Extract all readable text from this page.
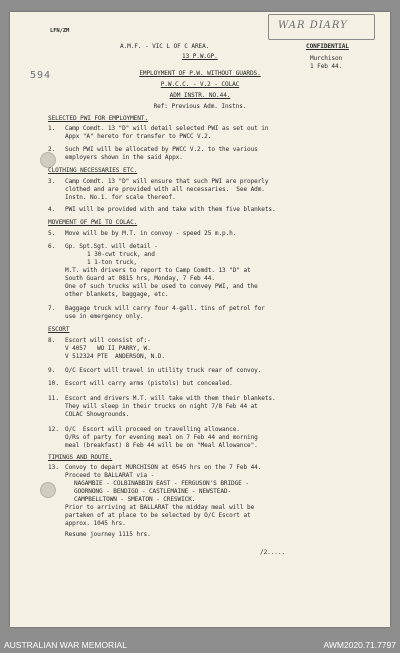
WAR DIARY
LFN/ZM
594
A.M.F. - VIC L OF C AREA.	CONFIDENTIAL
13 P.W.GP.	Murchison
1 Feb 44.
EMPLOYMENT OF P.W. WITHOUT GUARDS.
P.W.C.C. - V.2 - COLAC
ADM INSTR. NO.44.
Ref: Previous Adm. Instns.
SELECTED PWI FOR EMPLOYMENT.
1. Camp Comdt. 13 "D" will detail selected PWI as set out in
Appx "A" hereto for transfer to PWCC V.2.
2. Such PWI will be allocated by PWCC V.2. to the various
employers shown in the said Appx.
CLOTHING NECESSARIES ETC.
3. Camp Comdt. 13 "D" will ensure that such PWI are properly
clothed and are provided with all necessaries.  See Adm.
Instn. No.1. for scale thereof.
4. PWI will be provided with and take with them five blankets.
MOVEMENT OF PWI TO COLAC.
5. Move will be by M.T. in convoy - speed 25 m.p.h.
6. Gp. Spt.Sgt. will detail -
1 30-cwt truck, and
1 1-ton truck,
M.T. with drivers to report to Camp Comdt. 13 "D" at
South Guard at 0815 hrs, Monday, 7 Feb 44.
One of such trucks will be used to convey PWI, and the
other blankets, baggage, etc.
7. Baggage truck will carry four 4-gall. tins of petrol for
use in emergency only.
ESCORT
8. Escort will consist of:-
V 4057   WO II PARRY, W.
V 512324 PTE  ANDERSON, N.D.
9. O/C Escort will travel in utility truck rear of convoy.
10. Escort will carry arms (pistols) but concealed.
11. Escort and drivers M.T. will take with them their blankets.
They will sleep in their trucks on night 7/8 Feb 44 at
COLAC Showgrounds.
12. O/C  Escort will proceed on travelling allowance.
O/Rs of party for evening meal on 7 Feb 44 and morning
meal (breakfast) 8 Feb 44 will be on "Meal Allowance".
TIMINGS AND ROUTE.
13. Convoy to depart MURCHISON at 0545 hrs on the 7 Feb 44.
Proceed to BALLARAT via -
NAGAMBIE - COLBINABBIN EAST - FERGUSON'S BRIDGE -
GOORNONG - BENDIGO - CASTLEMAINE - NEWSTEAD-
CAMPBELLTOWN - SMEATON - CRESWICK.
Prior to arriving at BALLARAT the midday meal will be
partaken of at place to be selected by O/C Escort at
approx. 1045 hrs.
Resume journey 1115 hrs.
/2.....
AUSTRALIAN WAR MEMORIAL	AWM2020.71.7797
